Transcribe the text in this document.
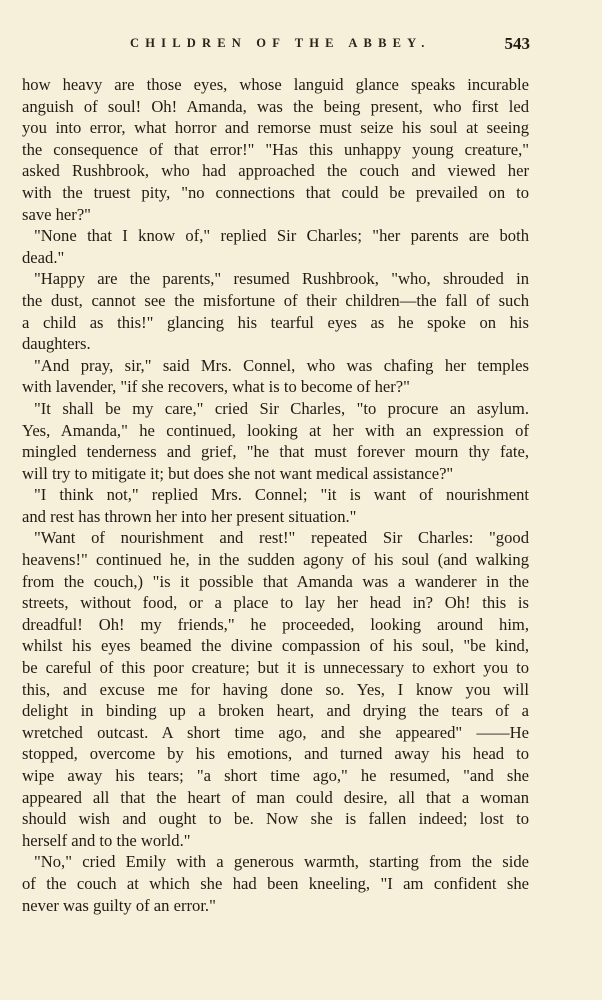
CHILDREN OF THE ABBEY.	543
how heavy are those eyes, whose languid glance speaks incurable
anguish of soul! Oh! Amanda, was the being present, who first led
you into error, what horror and remorse must seize his soul at seeing
the consequence of that error!" "Has this unhappy young creature,"
asked Rushbrook, who had approached the couch and viewed her
with the truest pity, "no connections that could be prevailed on to
save her?"
"None that I know of," replied Sir Charles; "her parents are both
dead."
"Happy are the parents," resumed Rushbrook, "who, shrouded in
the dust, cannot see the misfortune of their children—the fall of such
a child as this!" glancing his tearful eyes as he spoke on his
daughters.
"And pray, sir," said Mrs. Connel, who was chafing her temples
with lavender, "if she recovers, what is to become of her?"
"It shall be my care," cried Sir Charles, "to procure an asylum.
Yes, Amanda," he continued, looking at her with an expression of
mingled tenderness and grief, "he that must forever mourn thy fate,
will try to mitigate it; but does she not want medical assistance?"
"I think not," replied Mrs. Connel; "it is want of nourishment
and rest has thrown her into her present situation."
"Want of nourishment and rest!" repeated Sir Charles: "good
heavens!" continued he, in the sudden agony of his soul (and walking
from the couch,) "is it possible that Amanda was a wanderer in the
streets, without food, or a place to lay her head in? Oh! this is
dreadful! Oh! my friends," he proceeded, looking around him,
whilst his eyes beamed the divine compassion of his soul, "be kind,
be careful of this poor creature; but it is unnecessary to exhort you to
this, and excuse me for having done so. Yes, I know you will
delight in binding up a broken heart, and drying the tears of a
wretched outcast. A short time ago, and she appeared" ——He
stopped, overcome by his emotions, and turned away his head to
wipe away his tears; "a short time ago," he resumed, "and she
appeared all that the heart of man could desire, all that a woman
should wish and ought to be. Now she is fallen indeed; lost to
herself and to the world."
"No," cried Emily with a generous warmth, starting from the side
of the couch at which she had been kneeling, "I am confident she
never was guilty of an error."
